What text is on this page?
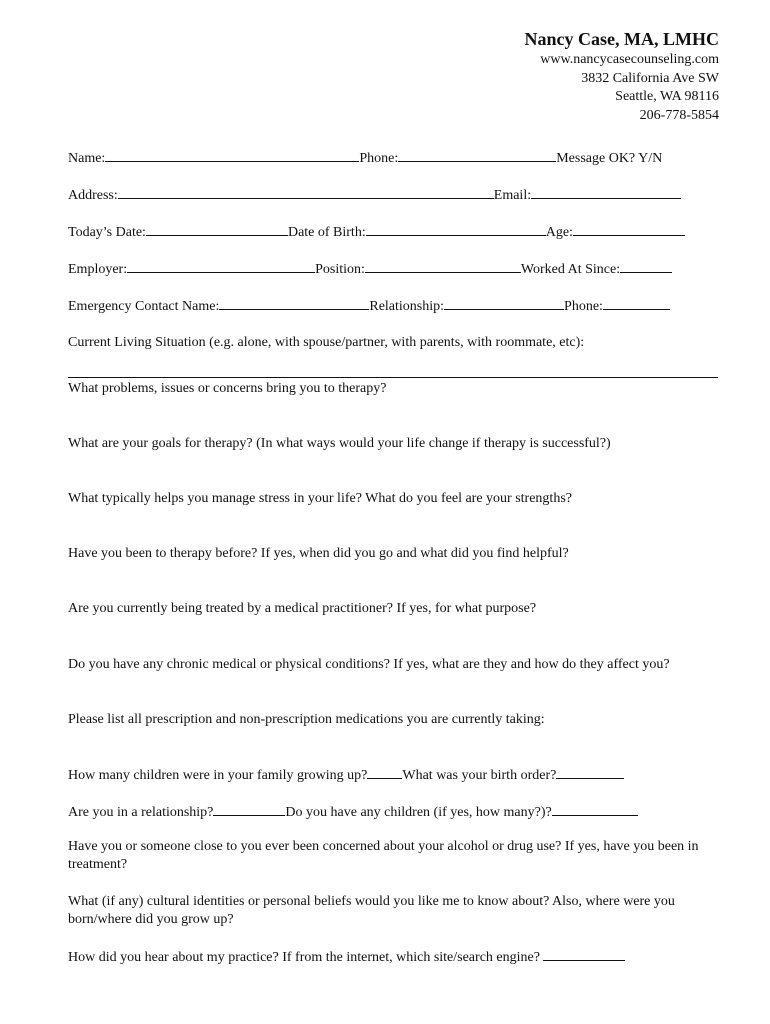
Nancy Case, MA, LMHC
www.nancycasecounseling.com
3832 California Ave SW
Seattle, WA 98116
206-778-5854
Name:	Phone:	Message OK? Y/N
Address:	Email:
Today’s Date:	Date of Birth:	Age:
Employer:	Position:	Worked At Since:
Emergency Contact Name:	Relationship:	Phone:
Current Living Situation (e.g. alone, with spouse/partner, with parents, with roommate, etc):
What problems, issues or concerns bring you to therapy?
What are your goals for therapy? (In what ways would your life change if therapy is successful?)
What typically helps you manage stress in your life? What do you feel are your strengths?
Have you been to therapy before? If yes, when did you go and what did you find helpful?
Are you currently being treated by a medical practitioner? If yes, for what purpose?
Do you have any chronic medical or physical conditions? If yes, what are they and how do they affect you?
Please list all prescription and non-prescription medications you are currently taking:
How many children were in your family growing up?	What was your birth order?
Are you in a relationship?	Do you have any children (if yes, how many?)?
Have you or someone close to you ever been concerned about your alcohol or drug use? If yes, have you been in treatment?
What (if any) cultural identities or personal beliefs would you like me to know about? Also, where were you born/where did you grow up?
How did you hear about my practice? If from the internet, which site/search engine?
